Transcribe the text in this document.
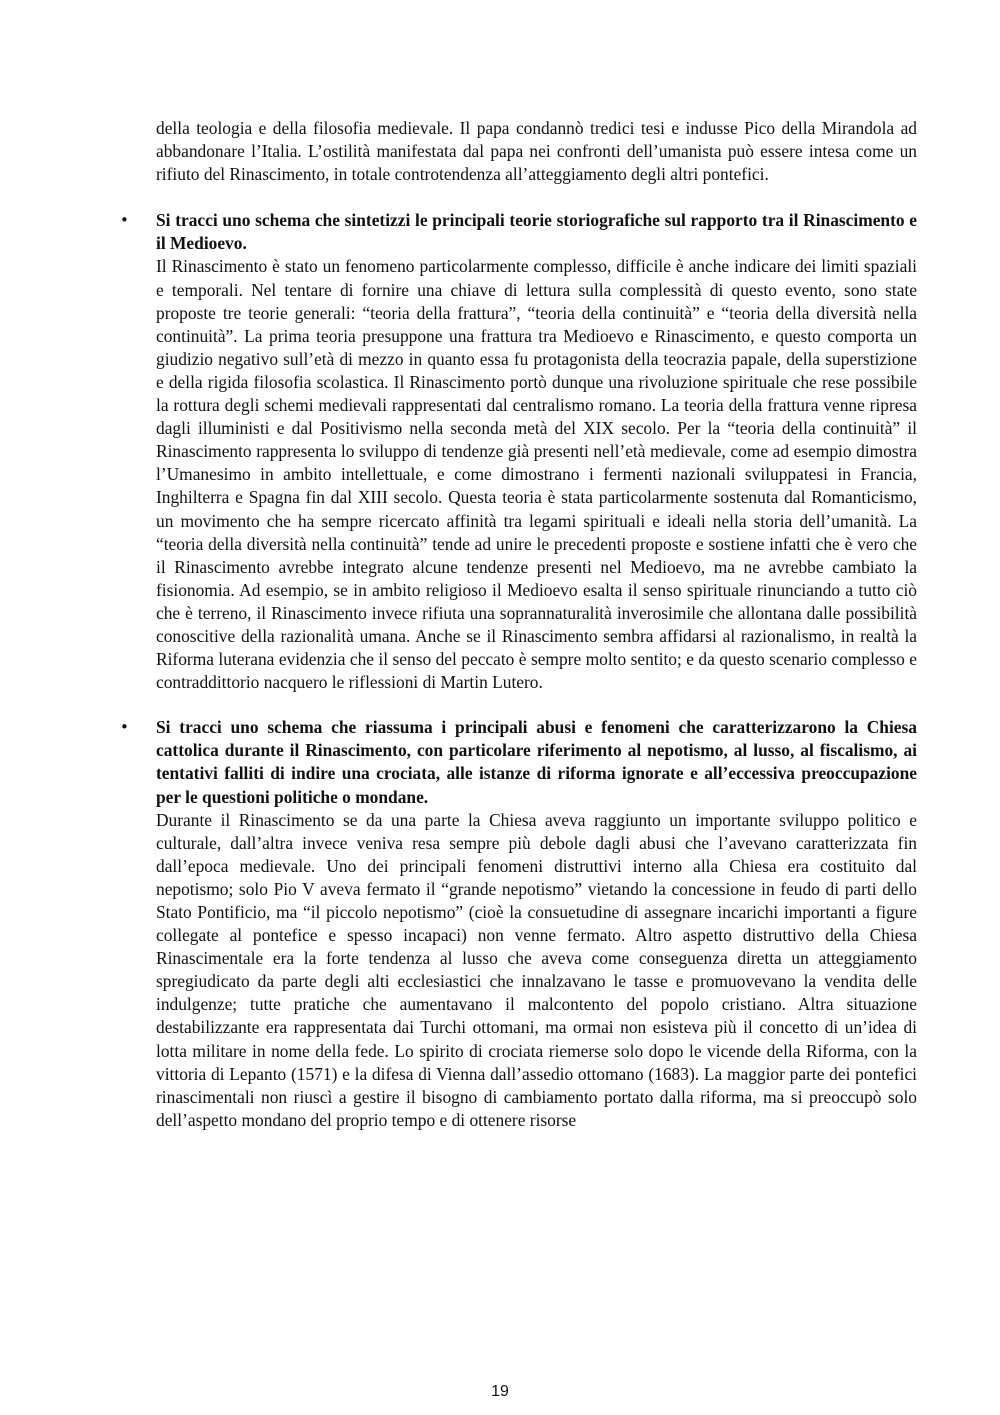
della teologia e della filosofia medievale. Il papa condannò tredici tesi e indusse Pico della Mirandola ad abbandonare l’Italia. L’ostilità manifestata dal papa nei confronti dell’umanista può essere intesa come un rifiuto del Rinascimento, in totale controtendenza all’atteggiamento degli altri pontefici.

• Si tracci uno schema che sintetizzi le principali teorie storiografiche sul rapporto tra il Rinascimento e il Medioevo.

Il Rinascimento è stato un fenomeno particolarmente complesso, difficile è anche indicare dei limiti spaziali e temporali. Nel tentare di fornire una chiave di lettura sulla complessità di questo evento, sono state proposte tre teorie generali: “teoria della frattura”, “teoria della continuità” e “teoria della diversità nella continuità”. La prima teoria presuppone una frattura tra Medioevo e Rinascimento, e questo comporta un giudizio negativo sull’età di mezzo in quanto essa fu protagonista della teocrazia papale, della superstizione e della rigida filosofia scolastica. Il Rinascimento portò dunque una rivoluzione spirituale che rese possibile la rottura degli schemi medievali rappresentati dal centralismo romano. La teoria della frattura venne ripresa dagli illuministi e dal Positivismo nella seconda metà del XIX secolo. Per la “teoria della continuità” il Rinascimento rappresenta lo sviluppo di tendenze già presenti nell’età medievale, come ad esempio dimostra l’Umanesimo in ambito intellettuale, e come dimostrano i fermenti nazionali sviluppatesi in Francia, Inghilterra e Spagna fin dal XIII secolo. Questa teoria è stata particolarmente sostenuta dal Romanticismo, un movimento che ha sempre ricercato affinità tra legami spirituali e ideali nella storia dell’umanità. La “teoria della diversità nella continuità” tende ad unire le precedenti proposte e sostiene infatti che è vero che il Rinascimento avrebbe integrato alcune tendenze presenti nel Medioevo, ma ne avrebbe cambiato la fisionomia. Ad esempio, se in ambito religioso il Medioevo esalta il senso spirituale rinunciando a tutto ciò che è terreno, il Rinascimento invece rifiuta una soprannaturalità inverosimile che allontana dalle possibilità conoscitive della razionalità umana. Anche se il Rinascimento sembra affidarsi al razionalismo, in realtà la Riforma luterana evidenzia che il senso del peccato è sempre molto sentito; e da questo scenario complesso e contraddittorio nacquero le riflessioni di Martin Lutero.

• Si tracci uno schema che riassuma i principali abusi e fenomeni che caratterizzarono la Chiesa cattolica durante il Rinascimento, con particolare riferimento al nepotismo, al lusso, al fiscalismo, ai tentativi falliti di indire una crociata, alle istanze di riforma ignorate e all’eccessiva preoccupazione per le questioni politiche o mondane.

Durante il Rinascimento se da una parte la Chiesa aveva raggiunto un importante sviluppo politico e culturale, dall’altra invece veniva resa sempre più debole dagli abusi che l’avevano caratterizzata fin dall’epoca medievale. Uno dei principali fenomeni distruttivi interno alla Chiesa era costituito dal nepotismo; solo Pio V aveva fermato il “grande nepotismo” vietando la concessione in feudo di parti dello Stato Pontificio, ma “il piccolo nepotismo” (cioè la consuetudine di assegnare incarichi importanti a figure collegate al pontefice e spesso incapaci) non venne fermato. Altro aspetto distruttivo della Chiesa Rinascimentale era la forte tendenza al lusso che aveva come conseguenza diretta un atteggiamento spregiudicato da parte degli alti ecclesiastici che innalzavano le tasse e promuovevano la vendita delle indulgenze; tutte pratiche che aumentavano il malcontento del popolo cristiano. Altra situazione destabilizzante era rappresentata dai Turchi ottomani, ma ormai non esisteva più il concetto di un’idea di lotta militare in nome della fede. Lo spirito di crociata riemerse solo dopo le vicende della Riforma, con la vittoria di Lepanto (1571) e la difesa di Vienna dall’assedio ottomano (1683). La maggior parte dei pontefici rinascimentali non riuscì a gestire il bisogno di cambiamento portato dalla riforma, ma si preoccupò solo dell’aspetto mondano del proprio tempo e di ottenere risorse

19
